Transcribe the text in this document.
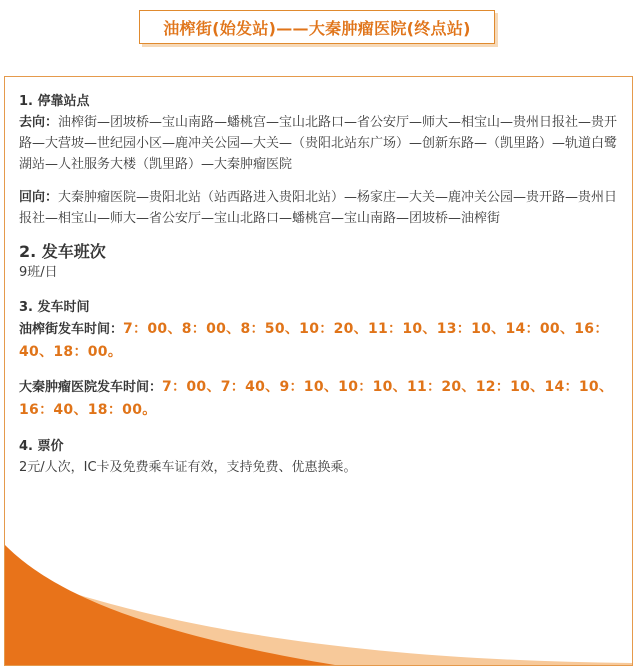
油榨街(始发站)——大秦肿瘤医院(终点站)
1. 停靠站点

去向：油榨街—团坡桥—宝山南路—蟠桃宫—宝山北路口—省公安厅—师大—相宝山—贵州日报社—贵开路—大营坡—世纪园小区—鹿冲关公园—大关—（贵阳北站东广场）—创新东路—（凯里路）—轨道白鹭湖站—人社服务大楼（凯里路）—大秦肿瘤医院

回向：大秦肿瘤医院—贵阳北站（站西路进入贵阳北站）—杨家庄—大关—鹿冲关公园—贵开路—贵州日报社—相宝山—师大—省公安厅—宝山北路口—蟠桃宫—宝山南路—团坡桥—油榨街

2. 发车班次

9班/日

3. 发车时间

油榨街发车时间：7：00、8：00、8：50、10：20、11：10、13：10、14：00、16：40、18：00。

大秦肿瘤医院发车时间：7：00、7：40、9：10、10：10、11：20、12：10、14：10、16：40、18：00。

4. 票价

2元/人次，IC卡及免费乘车证有效，支持免费、优惠换乘。
